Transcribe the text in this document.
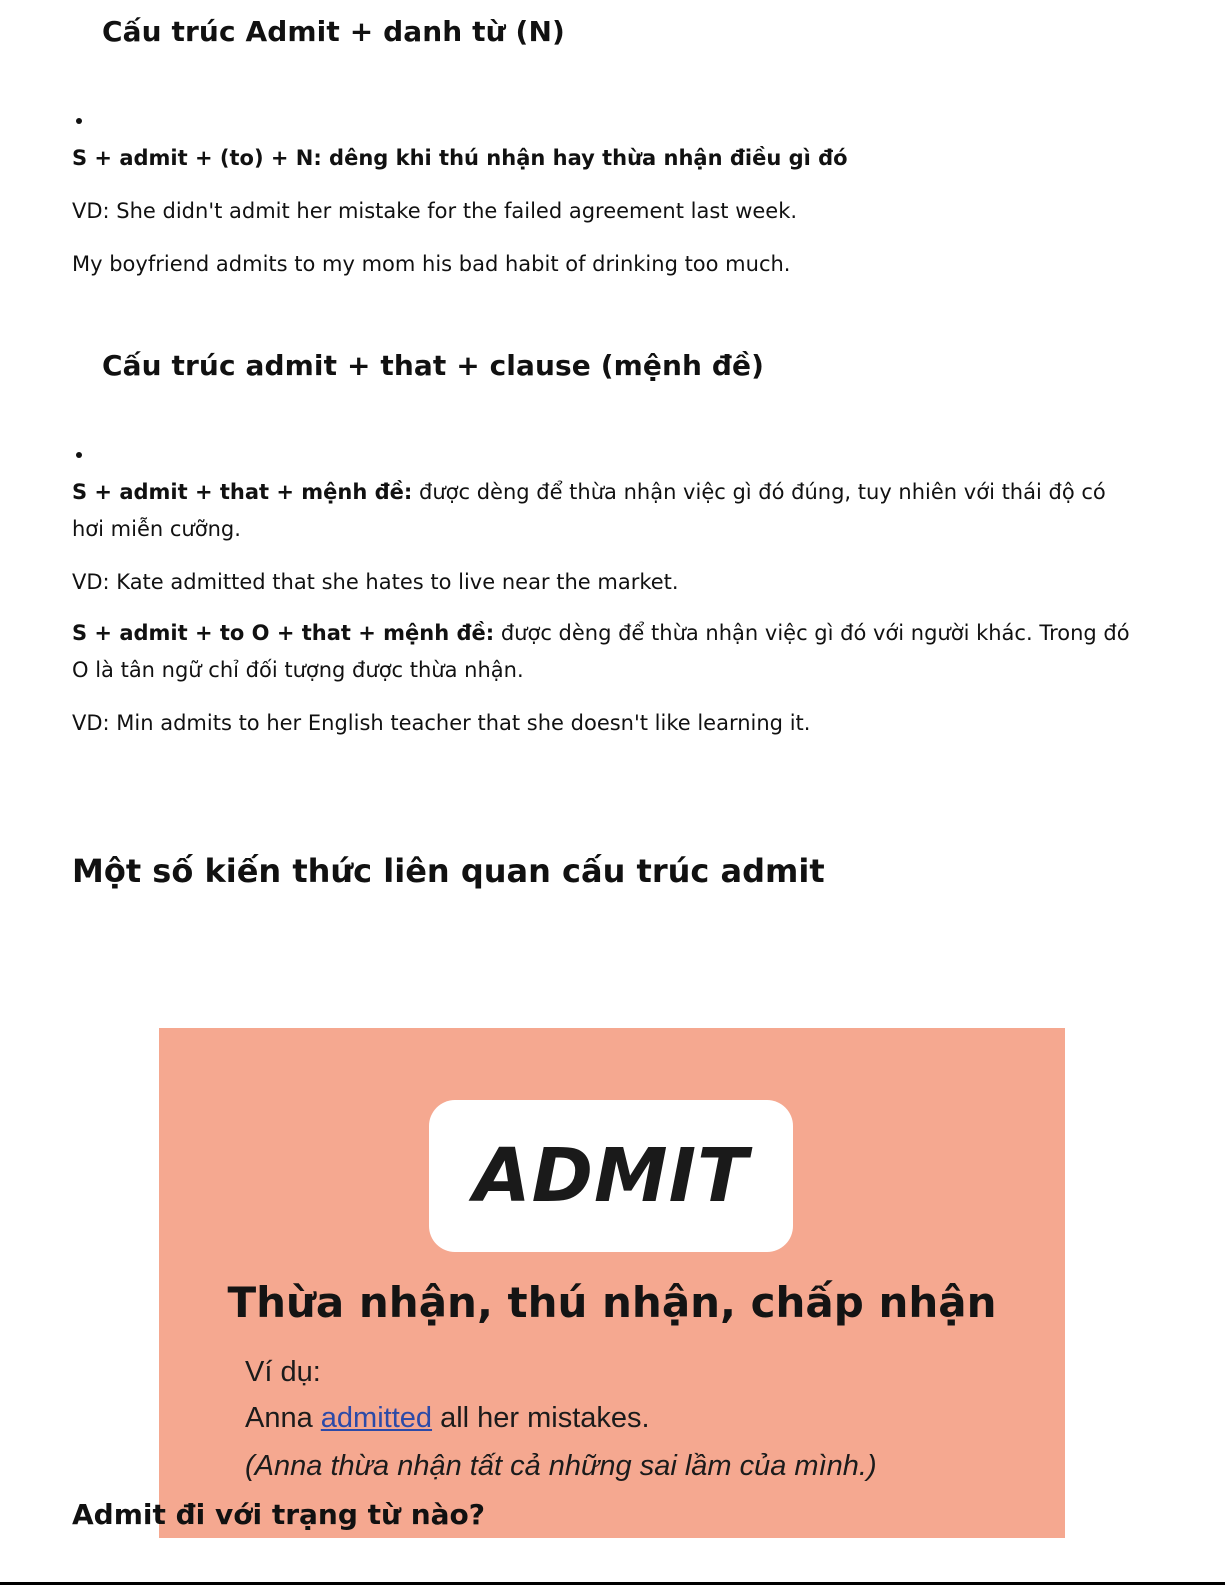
Cấu trúc Admit + danh từ (N)
S + admit + (to) + N: dêng khi thú nhận hay thừa nhận điều gì đó
VD: She didn't admit her mistake for the failed agreement last week.
My boyfriend admits to my mom his bad habit of drinking too much.
Cấu trúc admit + that + clause (mệnh đề)
S + admit + that + mệnh đề: được dèng để thừa nhận việc gì đó đúng, tuy nhiên với thái độ có
hơi miễn cưỡng.
VD: Kate admitted that she hates to live near the market.
S + admit + to O + that + mệnh đề: được dèng để thừa nhận việc gì đó với người khác. Trong đó
O là tân ngữ chỉ đối tượng được thừa nhận.
VD: Min admits to her English teacher that she doesn't like learning it.
Một số kiến thức liên quan cấu trúc admit
ADMIT
Thừa nhận, thú nhận, chấp nhận
Ví dụ:
Anna admitted all her mistakes.
(Anna thừa nhận tất cả những sai lầm của mình.)
Admit đi với trạng từ nào?
